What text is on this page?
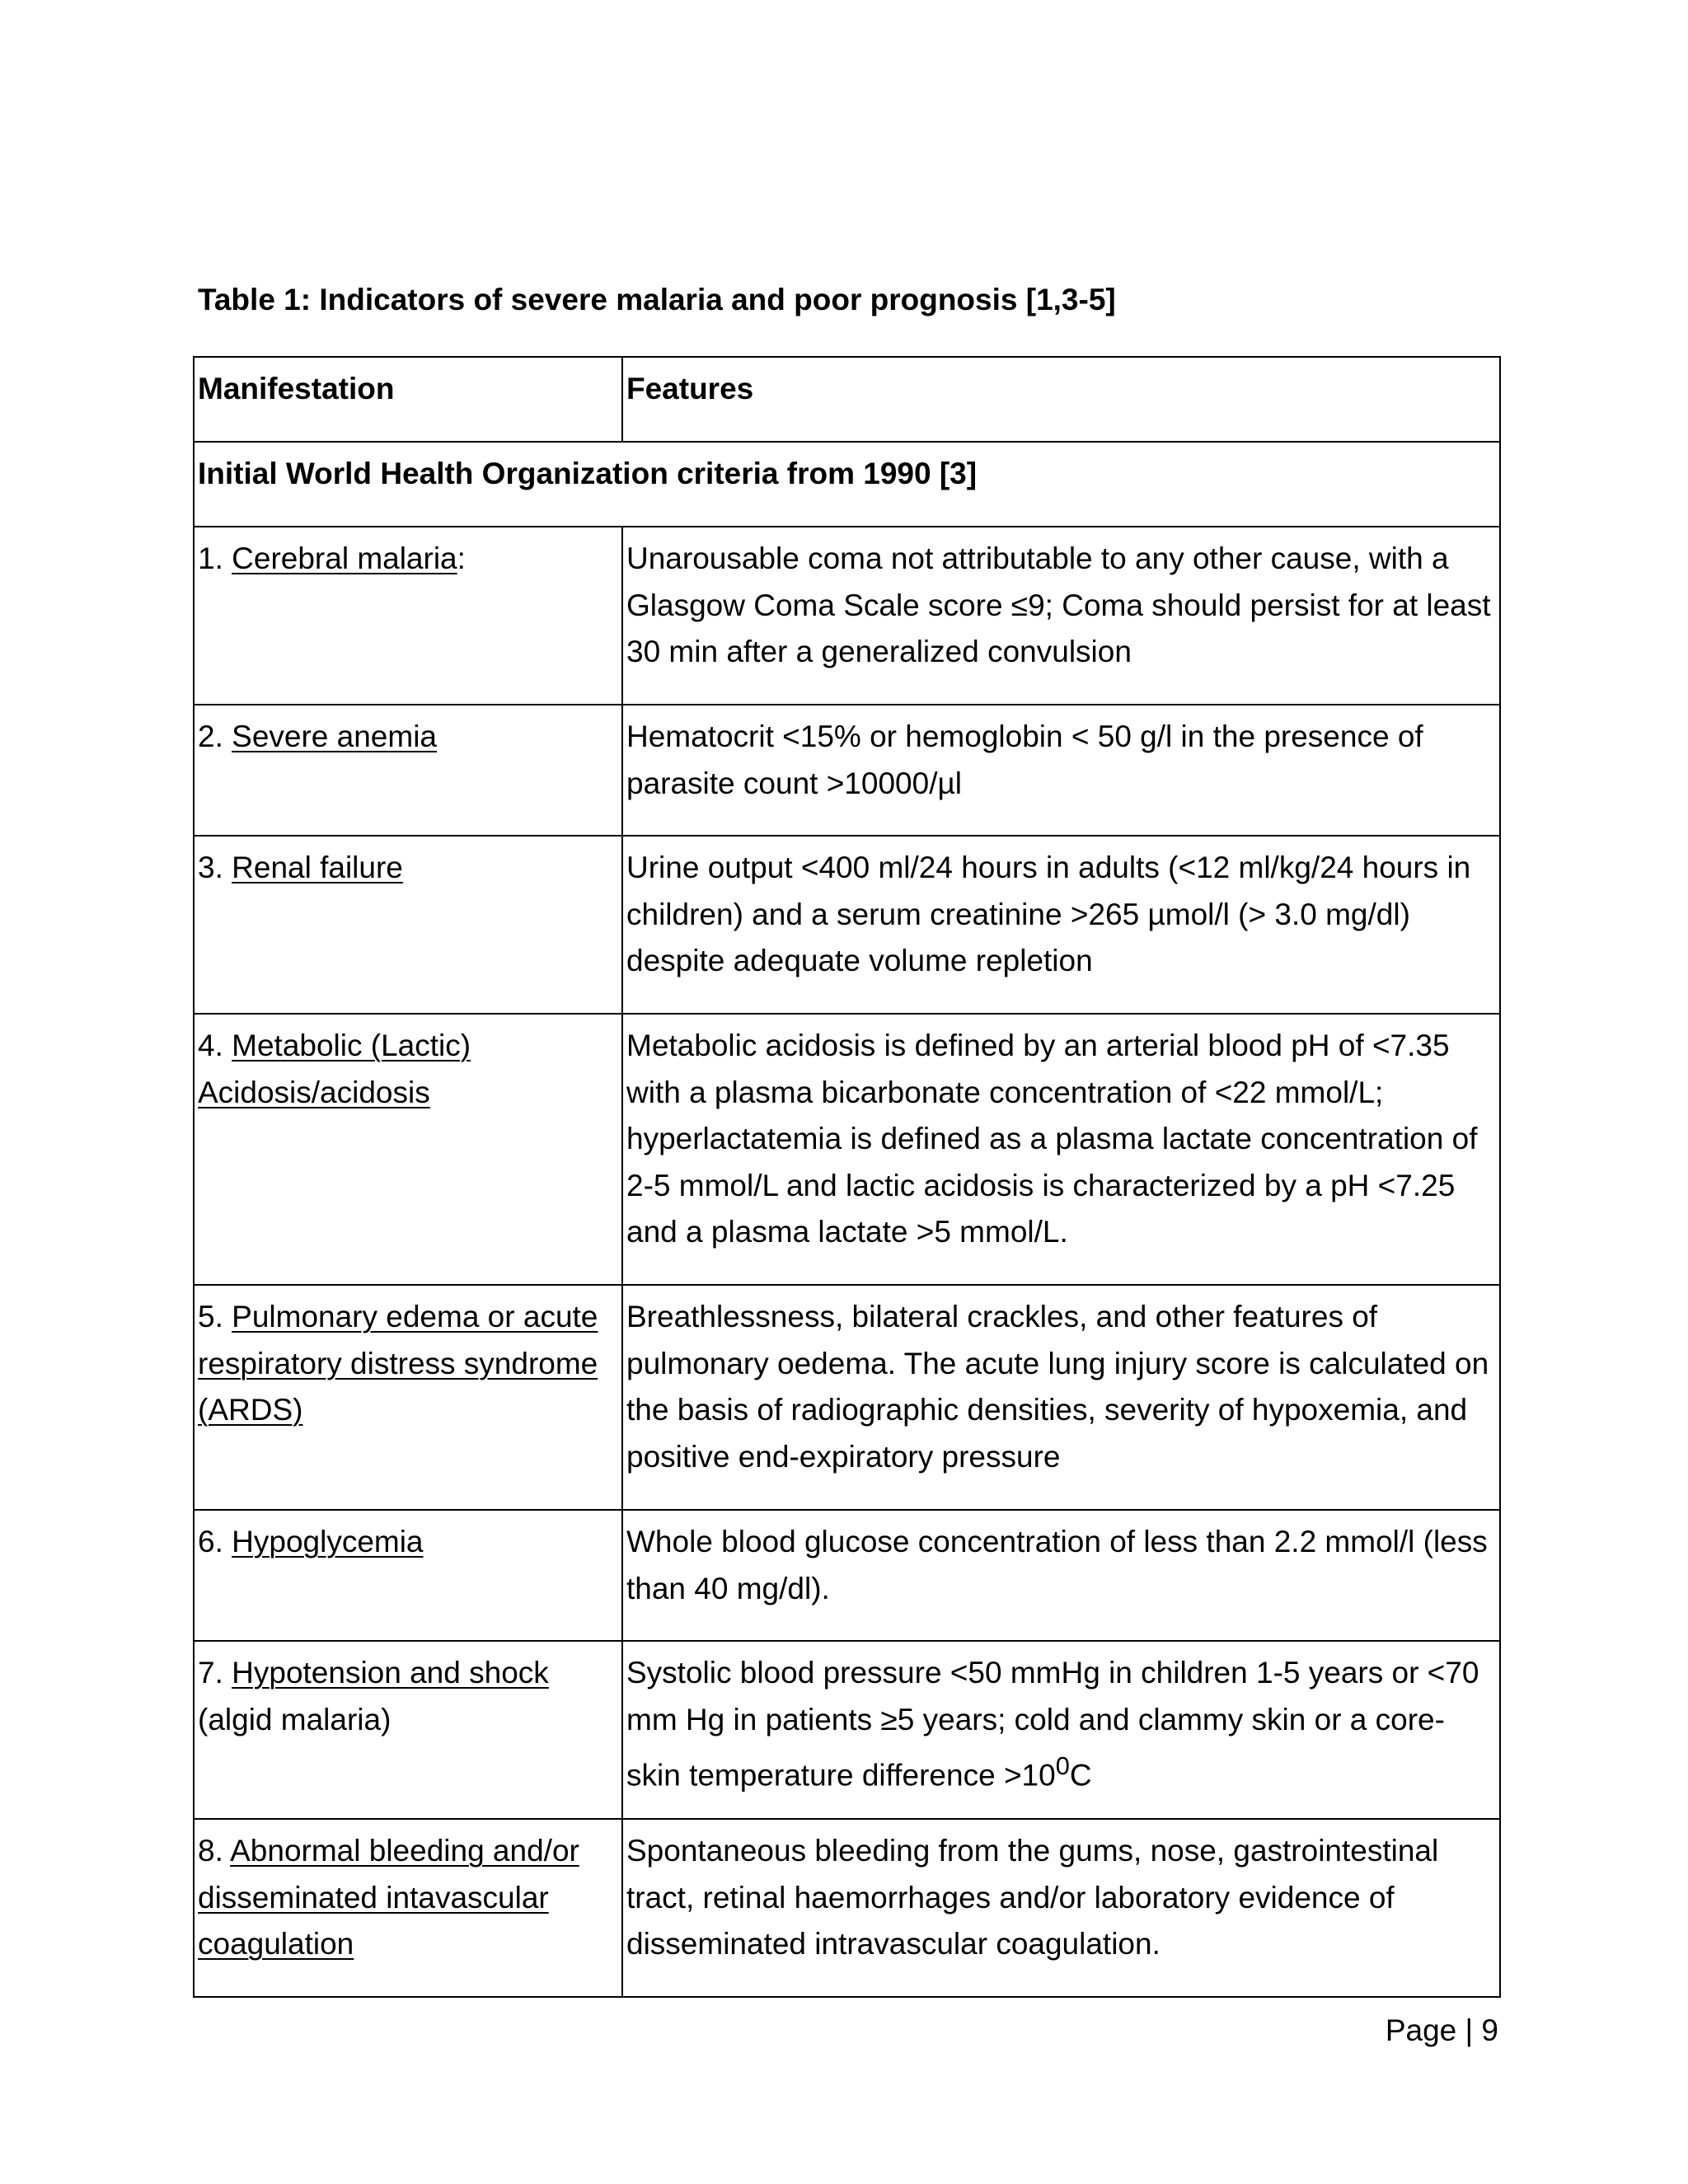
Table 1: Indicators of severe malaria and poor prognosis [1,3-5]
Manifestation	Features
Initial World Health Organization criteria from 1990 [3]	
1. Cerebral malaria:	Unarousable coma not attributable to any other cause, with a Glasgow Coma Scale score ≤9; Coma should persist for at least 30 min after a generalized convulsion
2. Severe anemia	Hematocrit <15% or hemoglobin < 50 g/l in the presence of parasite count >10000/µl
3. Renal failure	Urine output <400 ml/24 hours in adults (<12 ml/kg/24 hours in children) and a serum creatinine >265 µmol/l (> 3.0 mg/dl) despite adequate volume repletion
4. Metabolic (Lactic) Acidosis/acidosis	Metabolic acidosis is defined by an arterial blood pH of <7.35 with a plasma bicarbonate concentration of <22 mmol/L; hyperlactatemia is defined as a plasma lactate concentration of 2-5 mmol/L and lactic acidosis is characterized by a pH <7.25 and a plasma lactate >5 mmol/L.
5. Pulmonary edema or acute respiratory distress syndrome (ARDS)	Breathlessness, bilateral crackles, and other features of pulmonary oedema. The acute lung injury score is calculated on the basis of radiographic densities, severity of hypoxemia, and positive end-expiratory pressure
6. Hypoglycemia	Whole blood glucose concentration of less than 2.2 mmol/l (less than 40 mg/dl).
7. Hypotension and shock (algid malaria)	Systolic blood pressure <50 mmHg in children 1-5 years or <70 mm Hg in patients ≥5 years; cold and clammy skin or a core-skin temperature difference $>10^0C$
8. Abnormal bleeding and/or disseminated intavascular coagulation	Spontaneous bleeding from the gums, nose, gastrointestinal tract, retinal haemorrhages and/or laboratory evidence of disseminated intravascular coagulation.
Page | 9
